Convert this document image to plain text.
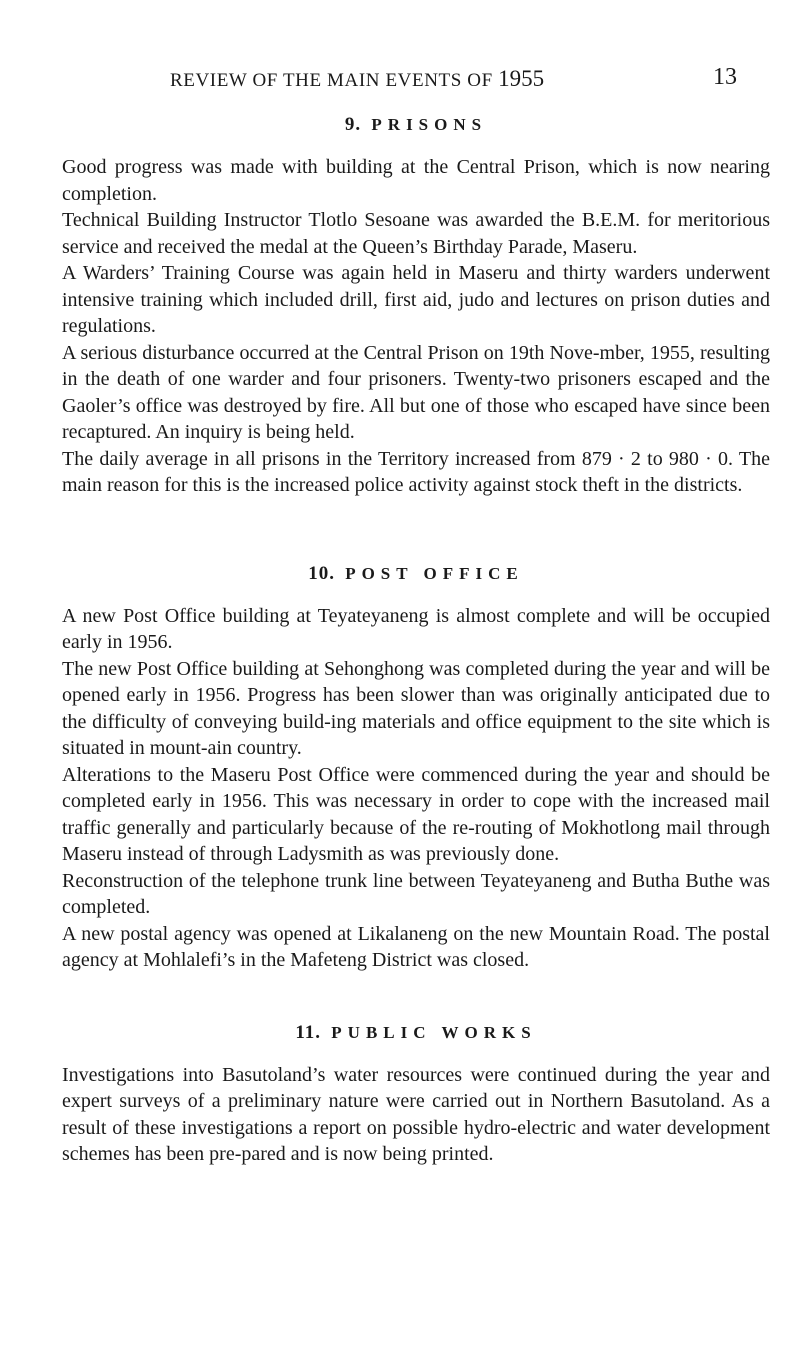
REVIEW OF THE MAIN EVENTS OF 1955	13
9. PRISONS

Good progress was made with building at the Central Prison, which is now nearing completion.

Technical Building Instructor Tlotlo Sesoane was awarded the B.E.M. for meritorious service and received the medal at the Queen’s Birthday Parade, Maseru.

A Warders’ Training Course was again held in Maseru and thirty warders underwent intensive training which included drill, first aid, judo and lectures on prison duties and regulations.

A serious disturbance occurred at the Central Prison on 19th Nove-mber, 1955, resulting in the death of one warder and four prisoners. Twenty-two prisoners escaped and the Gaoler’s office was destroyed by fire. All but one of those who escaped have since been recaptured. An inquiry is being held.

The daily average in all prisons in the Territory increased from 879 · 2 to 980 · 0. The main reason for this is the increased police activity against stock theft in the districts.

10. POST OFFICE

A new Post Office building at Teyateyaneng is almost complete and will be occupied early in 1956.

The new Post Office building at Sehonghong was completed during the year and will be opened early in 1956. Progress has been slower than was originally anticipated due to the difficulty of conveying build-ing materials and office equipment to the site which is situated in mount-ain country.

Alterations to the Maseru Post Office were commenced during the year and should be completed early in 1956. This was necessary in order to cope with the increased mail traffic generally and particularly because of the re-routing of Mokhotlong mail through Maseru instead of through Ladysmith as was previously done.

Reconstruction of the telephone trunk line between Teyateyaneng and Butha Buthe was completed.

A new postal agency was opened at Likalaneng on the new Mountain Road. The postal agency at Mohlalefi’s in the Mafeteng District was closed.

11. PUBLIC WORKS

Investigations into Basutoland’s water resources were continued during the year and expert surveys of a preliminary nature were carried out in Northern Basutoland. As a result of these investigations a report on possible hydro-electric and water development schemes has been pre-pared and is now being printed.
